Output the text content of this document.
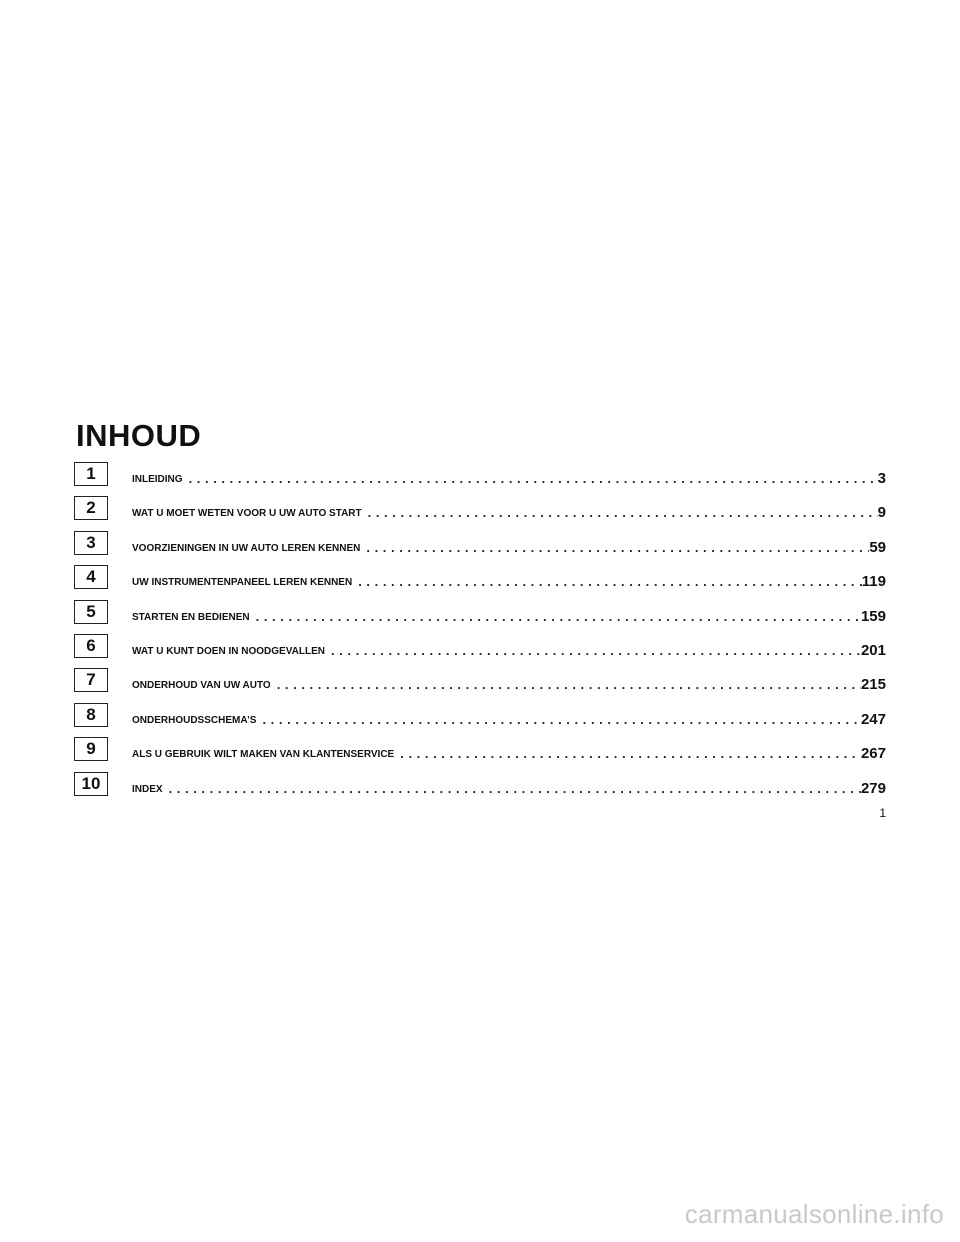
INHOUD
1	INLEIDING .....	3
2	WAT U MOET WETEN VOOR U UW AUTO START .....	9
3	VOORZIENINGEN IN UW AUTO LEREN KENNEN .....	59
4	UW INSTRUMENTENPANEEL LEREN KENNEN .....	119
5	STARTEN EN BEDIENEN .....	159
6	WAT U KUNT DOEN IN NOODGEVALLEN .....	201
7	ONDERHOUD VAN UW AUTO .....	215
8	ONDERHOUDSSCHEMA’S .....	247
9	ALS U GEBRUIK WILT MAKEN VAN KLANTENSERVICE .....	267
10	INDEX .....	279
1
carmanualsonline.info
